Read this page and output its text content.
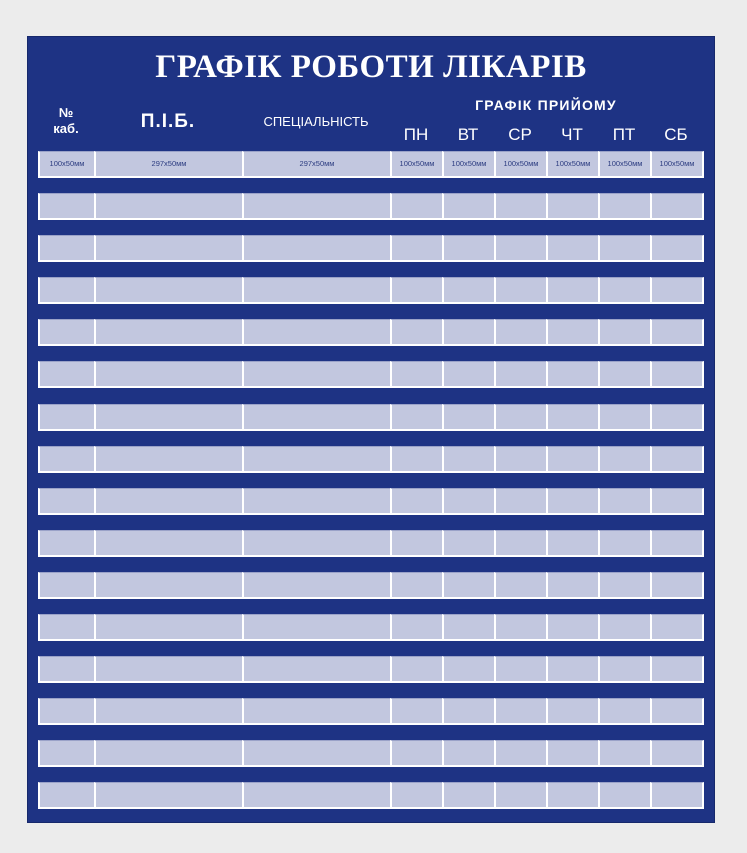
ГРАФІК РОБОТИ ЛІКАРІВ
№
каб.	П.І.Б.	СПЕЦІАЛЬНІСТЬ
ГРАФІК ПРИЙОМУ
ПН	ВТ	СР	ЧТ	ПТ	СБ
100х50мм	297х50мм	297х50мм	100х50мм	100х50мм	100х50мм	100х50мм	100х50мм	100х50мм
